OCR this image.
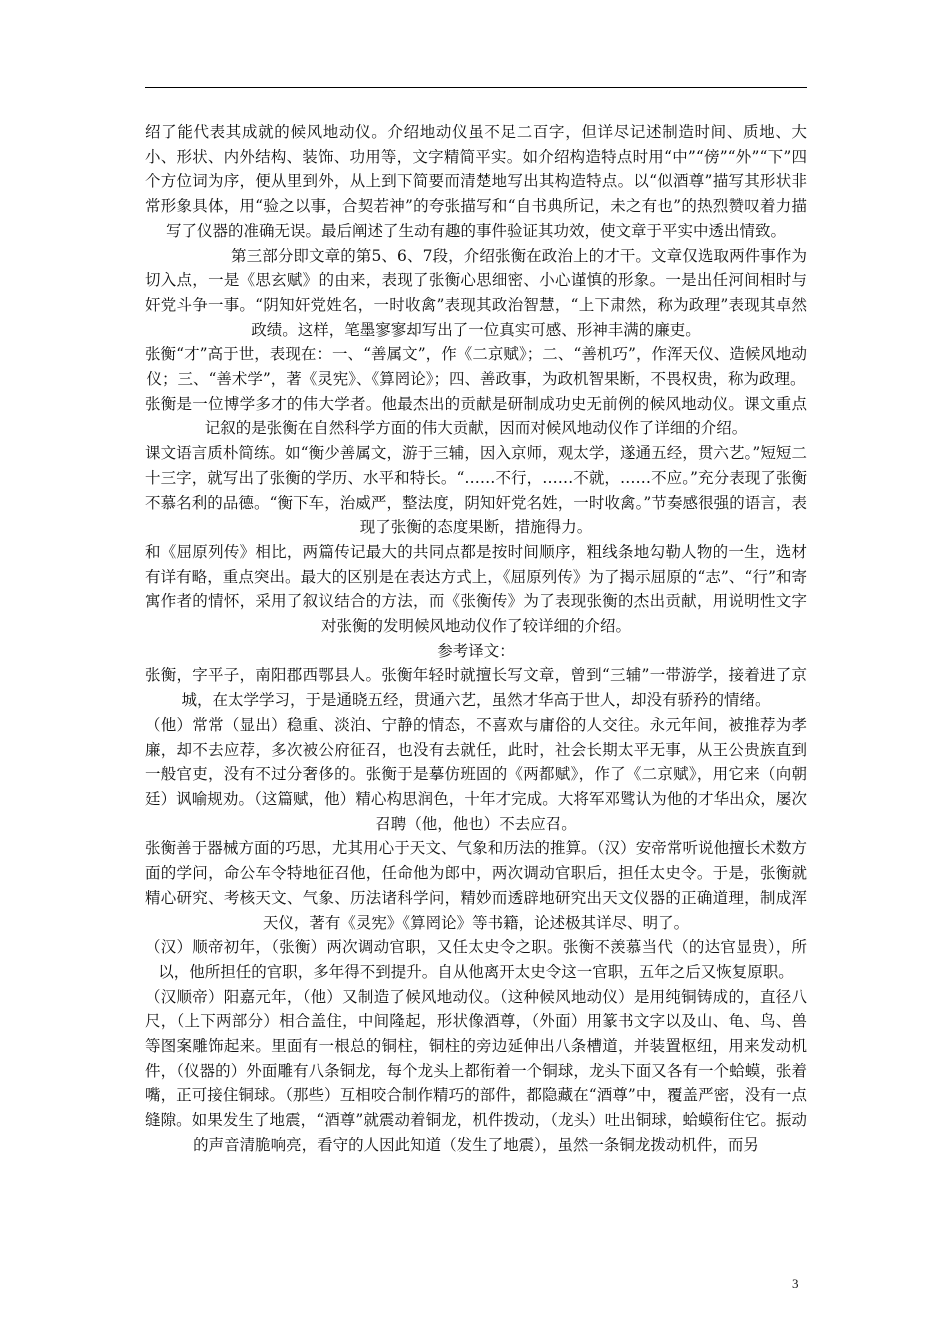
绍了能代表其成就的候风地动仪。介绍地动仪虽不足二百字，但详尽记述制造时间、质地、大小、形状、内外结构、装饰、功用等，文字精简平实。如介绍构造特点时用“中”“傍”“外”“下”四个方位词为序，便从里到外，从上到下简要而清楚地写出其构造特点。以“似酒尊”描写其形状非常形象具体，用“验之以事，合契若神”的夸张描写和“自书典所记，未之有也”的热烈赞叹着力描写了仪器的准确无误。最后阐述了生动有趣的事件验证其功效，使文章于平实中透出情致。

第三部分即文章的第5、6、7段，介绍张衡在政治上的才干。文章仅选取两件事作为切入点，一是《思玄赋》的由来，表现了张衡心思细密、小心谨慎的形象。一是出任河间相时与奸党斗争一事。“阴知奸党姓名，一时收禽”表现其政治智慧，“上下肃然，称为政理”表现其卓然政绩。这样，笔墨寥寥却写出了一位真实可感、形神丰满的廉吏。

张衡“才”高于世，表现在：一、“善属文”，作《二京赋》；二、“善机巧”，作浑天仪、造候风地动仪；三、“善术学”，著《灵宪》、《算罔论》；四、善政事，为政机智果断，不畏权贵，称为政理。

张衡是一位博学多才的伟大学者。他最杰出的贡献是研制成功史无前例的候风地动仪。课文重点记叙的是张衡在自然科学方面的伟大贡献，因而对候风地动仪作了详细的介绍。

课文语言质朴简练。如“衡少善属文，游于三辅，因入京师，观太学，遂通五经，贯六艺。”短短二十三字，就写出了张衡的学历、水平和特长。“……不行，……不就，……不应。”充分表现了张衡不慕名利的品德。“衡下车，治威严，整法度，阴知奸党名姓，一时收禽。”节奏感很强的语言，表现了张衡的态度果断，措施得力。

和《屈原列传》相比，两篇传记最大的共同点都是按时间顺序，粗线条地勾勒人物的一生，选材有详有略，重点突出。最大的区别是在表达方式上，《屈原列传》为了揭示屈原的“志”、“行”和寄寓作者的情怀，采用了叙议结合的方法，而《张衡传》为了表现张衡的杰出贡献，用说明性文字对张衡的发明候风地动仪作了较详细的介绍。

参考译文：

张衡，字平子，南阳郡西鄂县人。张衡年轻时就擅长写文章，曾到“三辅”一带游学，接着进了京城，在太学学习，于是通晓五经，贯通六艺，虽然才华高于世人，却没有骄矜的情绪。

（他）常常（显出）稳重、淡泊、宁静的情态，不喜欢与庸俗的人交往。永元年间，被推荐为孝廉，却不去应荐，多次被公府征召，也没有去就任，此时，社会长期太平无事，从王公贵族直到一般官吏，没有不过分奢侈的。张衡于是摹仿班固的《两都赋》，作了《二京赋》，用它来（向朝廷）讽喻规劝。（这篇赋，他）精心构思润色，十年才完成。大将军邓骘认为他的才华出众，屡次召聘（他，他也）不去应召。

张衡善于器械方面的巧思，尤其用心于天文、气象和历法的推算。（汉）安帝常听说他擅长术数方面的学问，命公车令特地征召他，任命他为郎中，两次调动官职后，担任太史令。于是，张衡就精心研究、考核天文、气象、历法诸科学问，精妙而透辟地研究出天文仪器的正确道理，制成浑天仪，著有《灵宪》《算罔论》等书籍，论述极其详尽、明了。

（汉）顺帝初年，（张衡）两次调动官职，又任太史令之职。张衡不羡慕当代（的达官显贵），所以，他所担任的官职，多年得不到提升。自从他离开太史令这一官职，五年之后又恢复原职。

（汉顺帝）阳嘉元年，（他）又制造了候风地动仪。（这种候风地动仪）是用纯铜铸成的，直径八尺，（上下两部分）相合盖住，中间隆起，形状像酒尊，（外面）用篆书文字以及山、龟、鸟、兽等图案雕饰起来。里面有一根总的铜柱，铜柱的旁边延伸出八条槽道，并装置枢纽，用来发动机件，（仪器的）外面雕有八条铜龙，每个龙头上都衔着一个铜球，龙头下面又各有一个蛤蟆，张着嘴，正可接住铜球。（那些）互相咬合制作精巧的部件，都隐藏在“酒尊”中，覆盖严密，没有一点缝隙。如果发生了地震，“酒尊”就震动着铜龙，机件拨动，（龙头）吐出铜球，蛤蟆衔住它。振动的声音清脆响亮，看守的人因此知道（发生了地震），虽然一条铜龙拨动机件，而另

3
